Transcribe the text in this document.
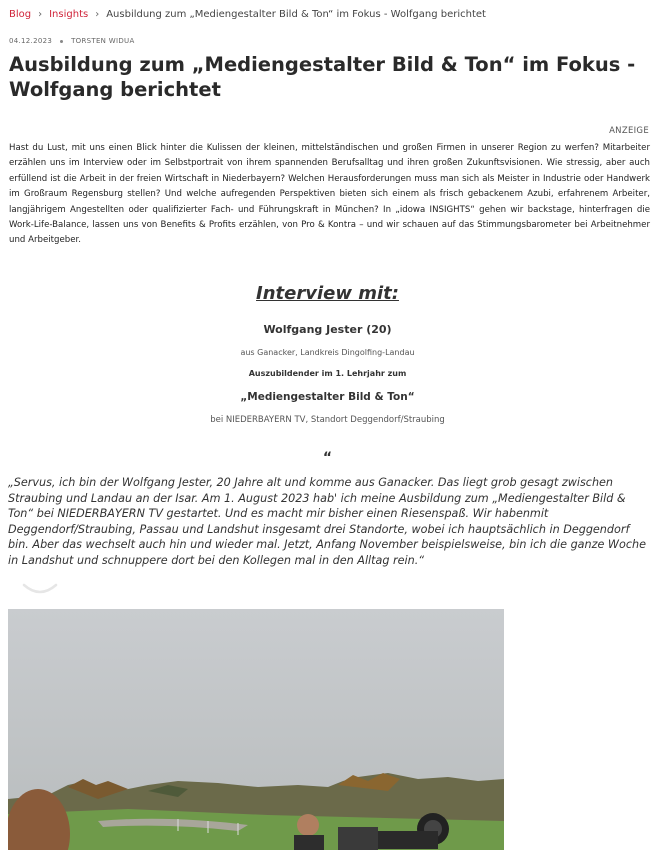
Blog › Insights › Ausbildung zum „Mediengestalter Bild & Ton“ im Fokus - Wolfgang berichtet
04.12.2023	TORSTEN WIDUA
Ausbildung zum „Mediengestalter Bild & Ton“ im Fokus - Wolfgang berichtet
ANZEIGE

Hast du Lust, mit uns einen Blick hinter die Kulissen der kleinen, mittelständischen und großen Firmen in unserer Region zu werfen? Mitarbeiter erzählen uns im Interview oder im Selbstportrait von ihrem spannenden Berufsalltag und ihren großen Zukunftsvisionen. Wie stressig, aber auch erfüllend ist die Arbeit in der freien Wirtschaft in Niederbayern? Welchen Herausforderungen muss man sich als Meister in Industrie oder Handwerk im Großraum Regensburg stellen? Und welche aufregenden Perspektiven bieten sich einem als frisch gebackenem Azubi, erfahrenem Arbeiter, langjährigem Angestellten oder qualifizierter Fach- und Führungskraft in München? In „idowa INSIGHTS“ gehen wir backstage, hinterfragen die Work-Life-Balance, lassen uns von Benefits & Profits erzählen, von Pro & Kontra – und wir schauen auf das Stimmungsbarometer bei Arbeitnehmer und Arbeitgeber.

Interview mit:
Wolfgang Jester (20)
aus Ganacker, Landkreis Dingolfing-Landau
Auszubildender im 1. Lehrjahr zum
„Mediengestalter Bild & Ton“
bei NIEDERBAYERN TV, Standort Deggendorf/Straubing
“

„Servus, ich bin der Wolfgang Jester, 20 Jahre alt und komme aus Ganacker. Das liegt grob gesagt zwischen Straubing und Landau an der Isar. Am 1. August 2023 hab' ich meine Ausbildung zum „Mediengestalter Bild & Ton“ bei NIEDERBAYERN TV gestartet. Und es macht mir bisher einen Riesenspaß. Wir habenmit Deggendorf/Straubing, Passau und Landshut insgesamt drei Standorte, wobei ich hauptsächlich in Deggendorf bin. Aber das wechselt auch hin und wieder mal. Jetzt, Anfang November beispielsweise, bin ich die ganze Woche in Landshut und schnuppere dort bei den Kollegen mal in den Alltag rein.“
